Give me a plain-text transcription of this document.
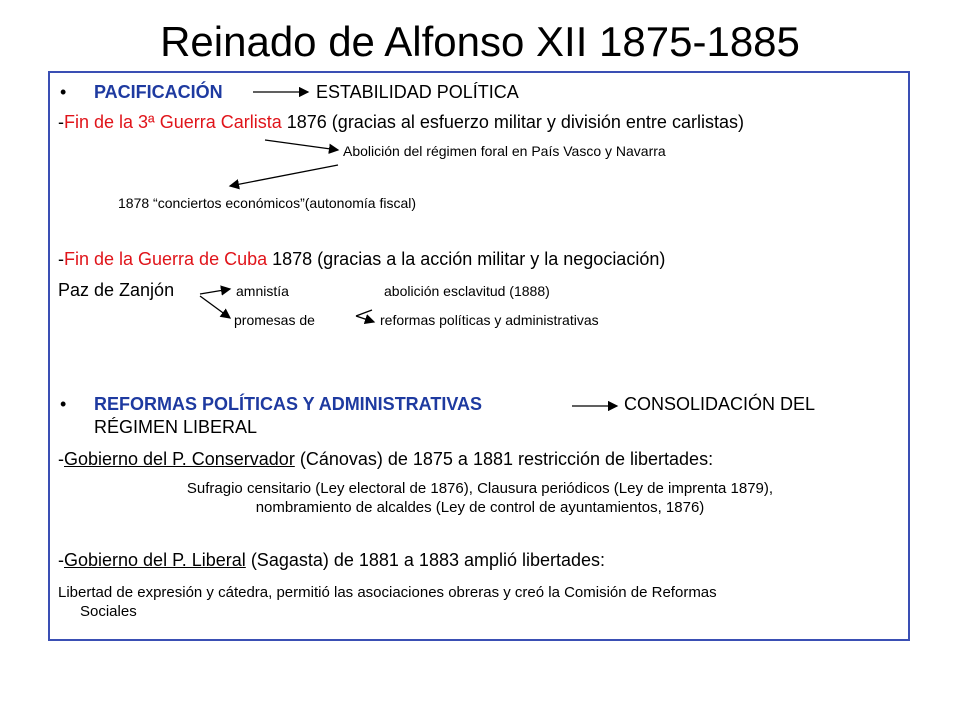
Reinado de Alfonso XII 1875-1885
• PACIFICACIÓN	ESTABILIDAD POLÍTICA

-Fin de la 3ª Guerra Carlista 1876 (gracias al esfuerzo militar y división entre carlistas)

Abolición del régimen foral en País Vasco y Navarra

1878 “conciertos económicos”(autonomía fiscal)

-Fin de la Guerra de Cuba 1878 (gracias a la acción militar y la negociación)

Paz de Zanjón	amnistía	abolición esclavitud (1888)

promesas de	reformas políticas y administrativas

• REFORMAS POLÍTICAS Y ADMINISTRATIVAS	CONSOLIDACIÓN DEL

RÉGIMEN LIBERAL

-Gobierno del P. Conservador (Cánovas) de 1875 a 1881 restricción de libertades:

Sufragio censitario (Ley electoral de 1876), Clausura periódicos (Ley de imprenta 1879),

nombramiento de alcaldes (Ley de control de ayuntamientos, 1876)

-Gobierno del P. Liberal (Sagasta) de 1881 a 1883 amplió libertades:

Libertad de expresión y cátedra, permitió las asociaciones obreras y creó la Comisión de Reformas

Sociales
